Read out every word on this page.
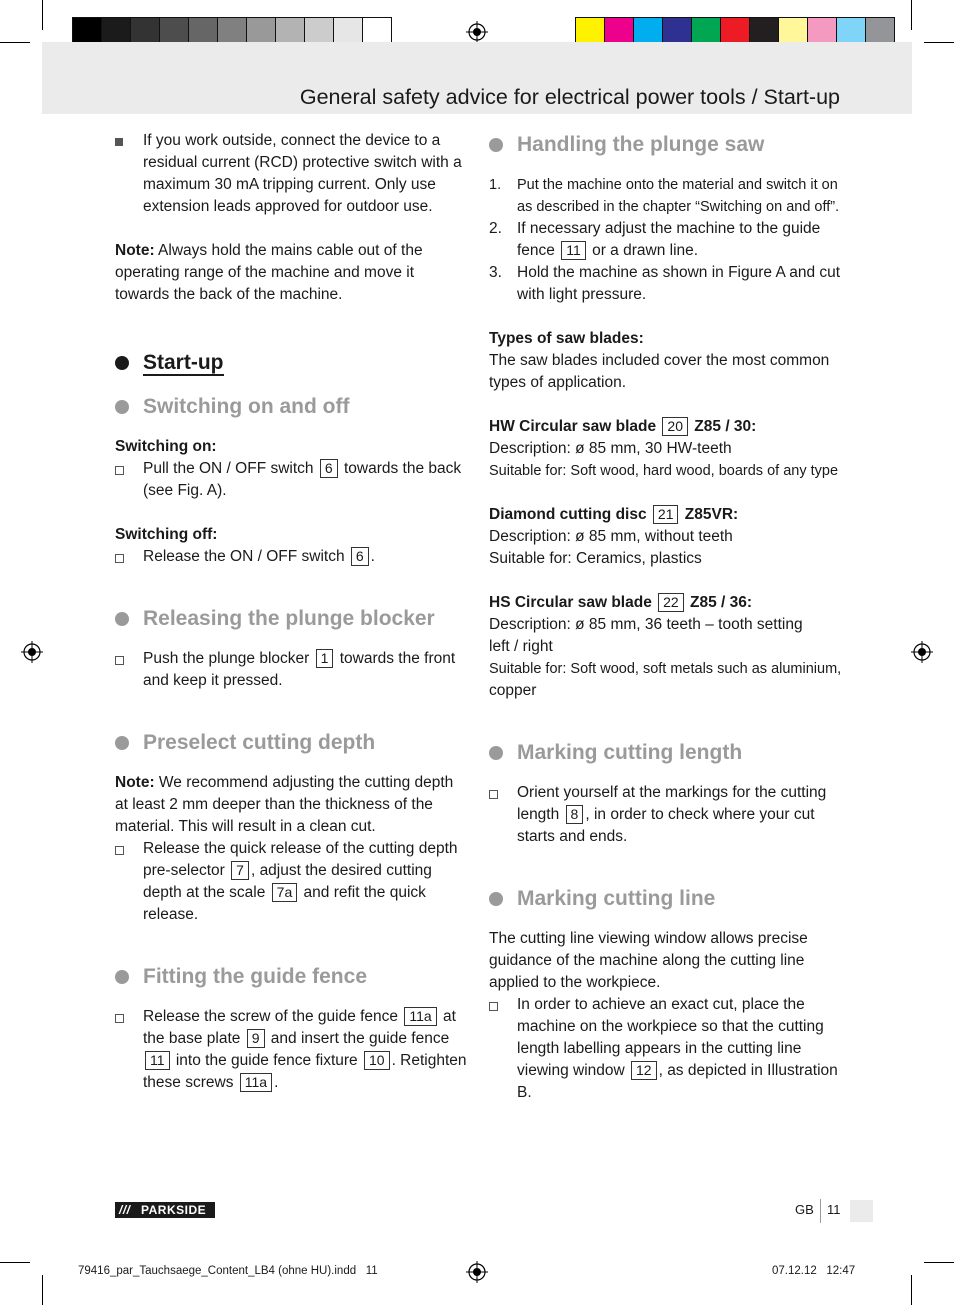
General safety advice for electrical power tools / Start-up
If you work outside, connect the device to a residual current (RCD) protective switch with a maximum 30 mA tripping current. Only use extension leads approved for outdoor use.

Note: Always hold the mains cable out of the operating range of the machine and move it towards the back of the machine.

Start-up
Switching on and off

Switching on:

Pull the ON / OFF switch 6 towards the back (see Fig. A).

Switching off:

Release the ON / OFF switch 6 .
Releasing the plunge blocker
Push the plunge blocker 1 towards the front and keep it pressed.
Preselect cutting depth

Note: We recommend adjusting the cutting depth at least 2 mm deeper than the thickness of the material. This will result in a clean cut.

Release the quick release of the cutting depth pre-selector 7 , adjust the desired cutting depth at the scale 7a and refit the quick release.
Fitting the guide fence
Release the screw of the guide fence 11a at the base plate 9 and insert the guide fence 11 into the guide fence fixture 10 . Retighten these screws 11a .
Handling the plunge saw
1. Put the machine onto the material and switch it on as described in the chapter “Switching on and off”.
2. If necessary adjust the machine to the guide fence 11 or a drawn line.
3. Hold the machine as shown in Figure A and cut with light pressure.

Types of saw blades:

The saw blades included cover the most common types of application.

HW Circular saw blade 20 Z85 / 30:

Description: ø 85 mm, 30 HW-teeth

Suitable for: Soft wood, hard wood, boards of any type

Diamond cutting disc 21 Z85VR:

Description: ø 85 mm, without teeth

Suitable for: Ceramics, plastics

HS Circular saw blade 22 Z85 / 36:

Description: ø 85 mm, 36 teeth – tooth setting left / right

Suitable for: Soft wood, soft metals such as aluminium,

copper

Marking cutting length
Orient yourself at the markings for the cutting length 8 , in order to check where your cut starts and ends.
Marking cutting line

The cutting line viewing window allows precise guidance of the machine along the cutting line applied to the workpiece.

In order to achieve an exact cut, place the machine on the workpiece so that the cutting length labelling appears in the cutting line viewing window 12 , as depicted in Illustration B.
/// PARKSIDE	GB 11
79416_par_Tauchsaege_Content_LB4 (ohne HU).indd   11	07.12.12   12:47
